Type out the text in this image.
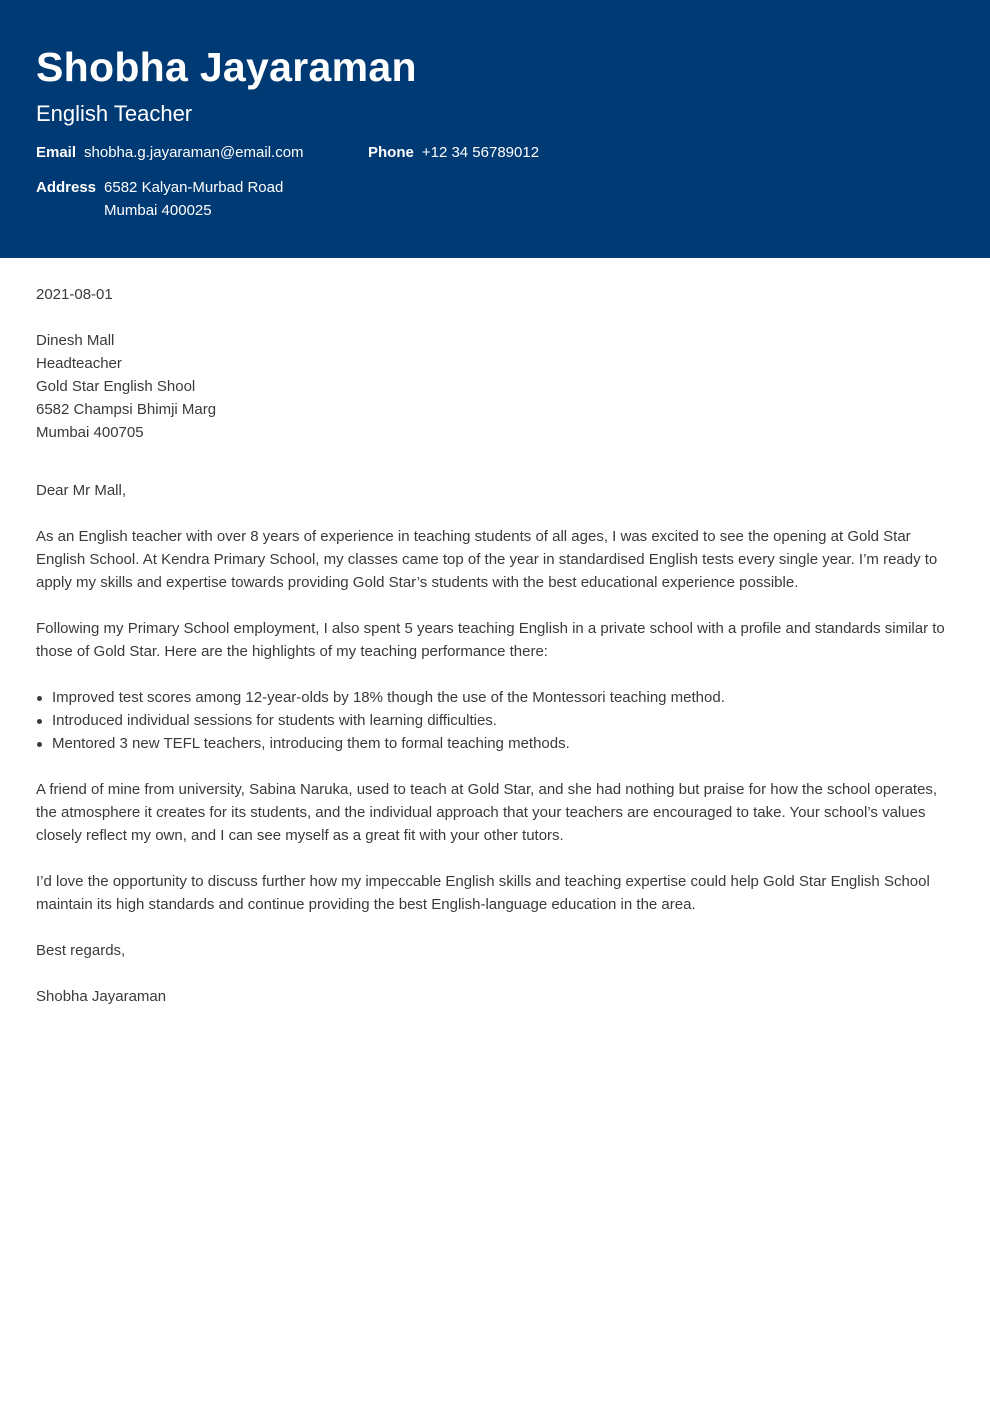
Shobha Jayaraman
English Teacher
Email shobha.g.jayaraman@email.com	Phone +12 34 56789012
Address 6582 Kalyan-Murbad Road
Mumbai 400025
2021-08-01
Dinesh Mall
Headteacher
Gold Star English Shool
6582 Champsi Bhimji Marg
Mumbai 400705
Dear Mr Mall,

As an English teacher with over 8 years of experience in teaching students of all ages, I was excited to see the opening at Gold Star English School. At Kendra Primary School, my classes came top of the year in standardised English tests every single year. I’m ready to apply my skills and expertise towards providing Gold Star’s students with the best educational experience possible.

Following my Primary School employment, I also spent 5 years teaching English in a private school with a profile and standards similar to those of Gold Star. Here are the highlights of my teaching performance there:

Improved test scores among 12-year-olds by 18% though the use of the Montessori teaching method.
Introduced individual sessions for students with learning difficulties.
Mentored 3 new TEFL teachers, introducing them to formal teaching methods.

A friend of mine from university, Sabina Naruka, used to teach at Gold Star, and she had nothing but praise for how the school operates, the atmosphere it creates for its students, and the individual approach that your teachers are encouraged to take. Your school’s values closely reflect my own, and I can see myself as a great fit with your other tutors.

I’d love the opportunity to discuss further how my impeccable English skills and teaching expertise could help Gold Star English School maintain its high standards and continue providing the best English-language education in the area.

Best regards,
Shobha Jayaraman
